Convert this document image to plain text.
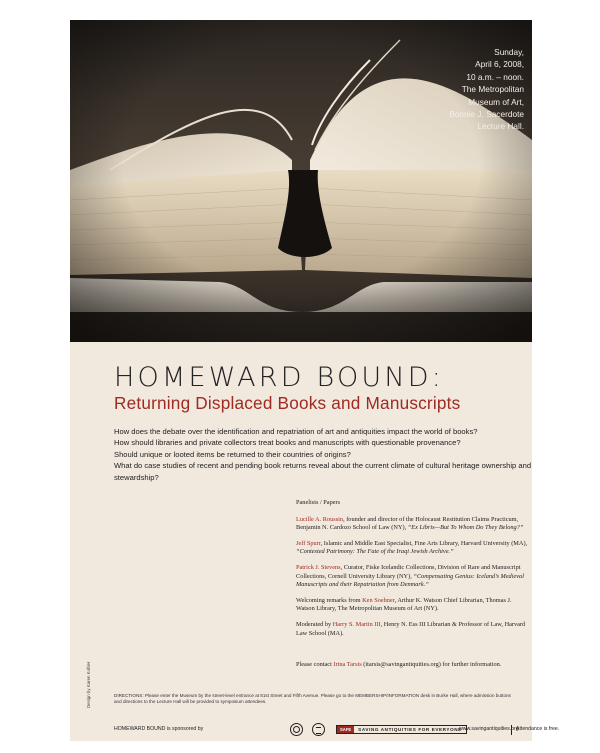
Sunday,
April 6, 2008,
10 a.m. – noon.
The Metropolitan
Museum of Art,
Bonnie J. Sacerdote
Lecture Hall.
HOMEWARD BOUND:
Returning Displaced Books and Manuscripts

How does the debate over the identification and repatriation of art and antiquities impact the world of books?

How should libraries and private collectors treat books and manuscripts with questionable provenance?

Should unique or looted items be returned to their countries of origins?

What do case studies of recent and pending book returns reveal about the current climate of cultural heritage ownership and stewardship?

Panelists / Papers

Lucille A. Roussin, founder and director of the Holocaust Restitution Claims Practicum, Benjamin N. Cardozo School of Law (NY), “Ex Libris—But To Whom Do They Belong?”

Jeff Spurr, Islamic and Middle East Specialist, Fine Arts Library, Harvard University (MA), “Contested Patrimony: The Fate of the Iraqi Jewish Archive.”

Patrick J. Stevens, Curator, Fiske Icelandic Collections, Division of Rare and Manuscript Collections, Cornell University Library (NY), “Compensating Genius: Iceland’s Medieval Manuscripts and their Repatriation from Denmark.”

Welcoming remarks from Ken Soehner, Arthur K. Watson Chief Librarian, Thomas J. Watson Library, The Metropolitan Museum of Art (NY).

Moderated by Harry S. Martin III, Henry N. Ess III Librarian & Professor of Law, Harvard Law School (MA).

Please contact Irina Tarsis (itarsis@savingantiquities.org) for further information.
DIRECTIONS: Please enter the Museum by the street-level entrance at 81st Street and Fifth Avenue. Please go to the MEMBERSHIP/INFORMATION desk in Burke Hall, where admission buttons and directions to the Lecture Hall will be provided to symposium attendees.
Design by Karen Kohler
HOMEWARD BOUND is sponsored by	SAFE	SAVING ANTIQUITIES FOR EVERYONE
www.savingantiquities.org
Attendance is free.
